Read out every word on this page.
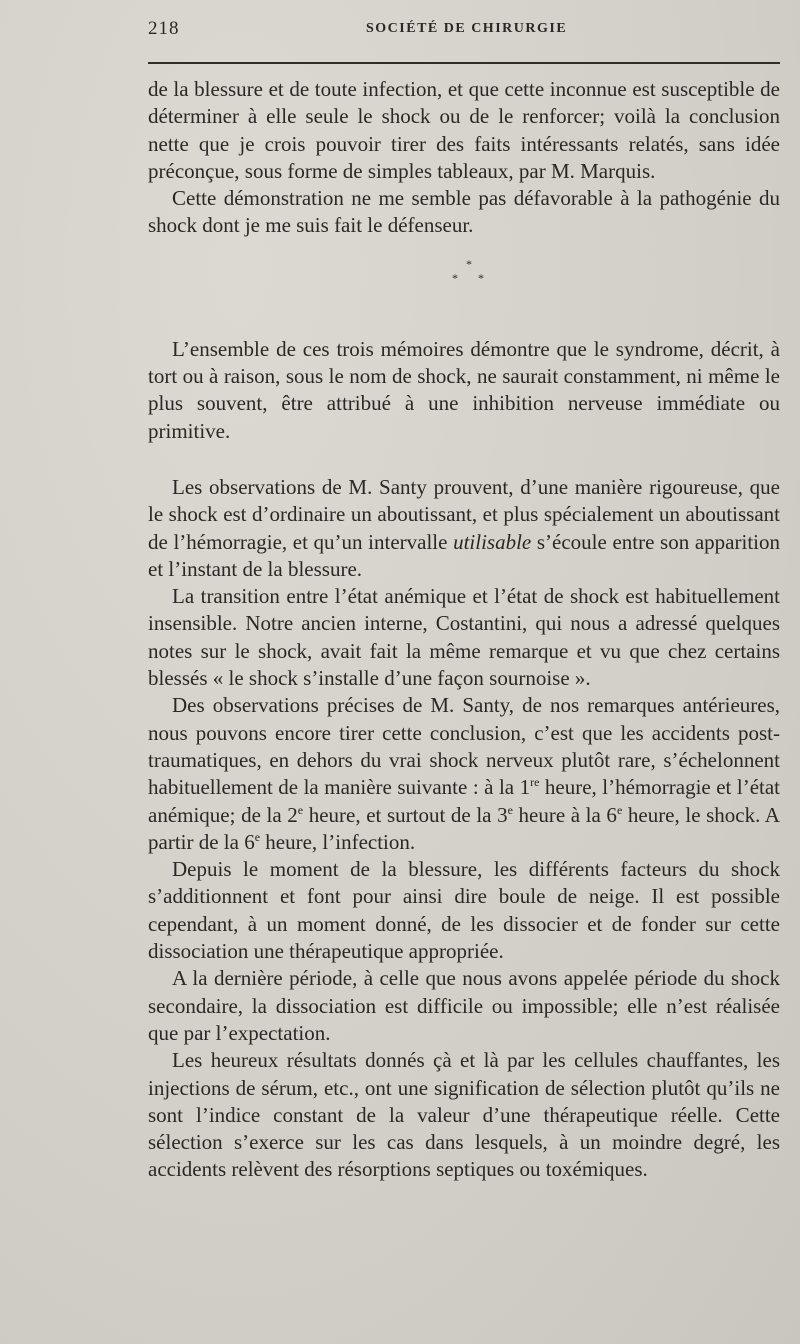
218	SOCIÉTÉ DE CHIRURGIE

de la blessure et de toute infection, et que cette inconnue est susceptible de déterminer à elle seule le shock ou de le renforcer; voilà la conclusion nette que je crois pouvoir tirer des faits intéressants relatés, sans idée préconçue, sous forme de simples tableaux, par M. Marquis.

Cette démonstration ne me semble pas défavorable à la pathogénie du shock dont je me suis fait le défenseur.

*
* *

L’ensemble de ces trois mémoires démontre que le syndrome, décrit, à tort ou à raison, sous le nom de shock, ne saurait constamment, ni même le plus souvent, être attribué à une inhibition nerveuse immédiate ou primitive.

Les observations de M. Santy prouvent, d’une manière rigoureuse, que le shock est d’ordinaire un aboutissant, et plus spécialement un aboutissant de l’hémorragie, et qu’un intervalle utilisable s’écoule entre son apparition et l’instant de la blessure.

La transition entre l’état anémique et l’état de shock est habituellement insensible. Notre ancien interne, Costantini, qui nous a adressé quelques notes sur le shock, avait fait la même remarque et vu que chez certains blessés « le shock s’installe d’une façon sournoise ».

Des observations précises de M. Santy, de nos remarques antérieures, nous pouvons encore tirer cette conclusion, c’est que les accidents post-traumatiques, en dehors du vrai shock nerveux plutôt rare, s’échelonnent habituellement de la manière suivante : à la 1re heure, l’hémorragie et l’état anémique; de la 2e heure, et surtout de la 3e heure à la 6e heure, le shock. A partir de la 6e heure, l’infection.

Depuis le moment de la blessure, les différents facteurs du shock s’additionnent et font pour ainsi dire boule de neige. Il est possible cependant, à un moment donné, de les dissocier et de fonder sur cette dissociation une thérapeutique appropriée.

A la dernière période, à celle que nous avons appelée période du shock secondaire, la dissociation est difficile ou impossible; elle n’est réalisée que par l’expectation.

Les heureux résultats donnés çà et là par les cellules chauffantes, les injections de sérum, etc., ont une signification de sélection plutôt qu’ils ne sont l’indice constant de la valeur d’une thérapeutique réelle. Cette sélection s’exerce sur les cas dans lesquels, à un moindre degré, les accidents relèvent des résorptions septiques ou toxémiques.
